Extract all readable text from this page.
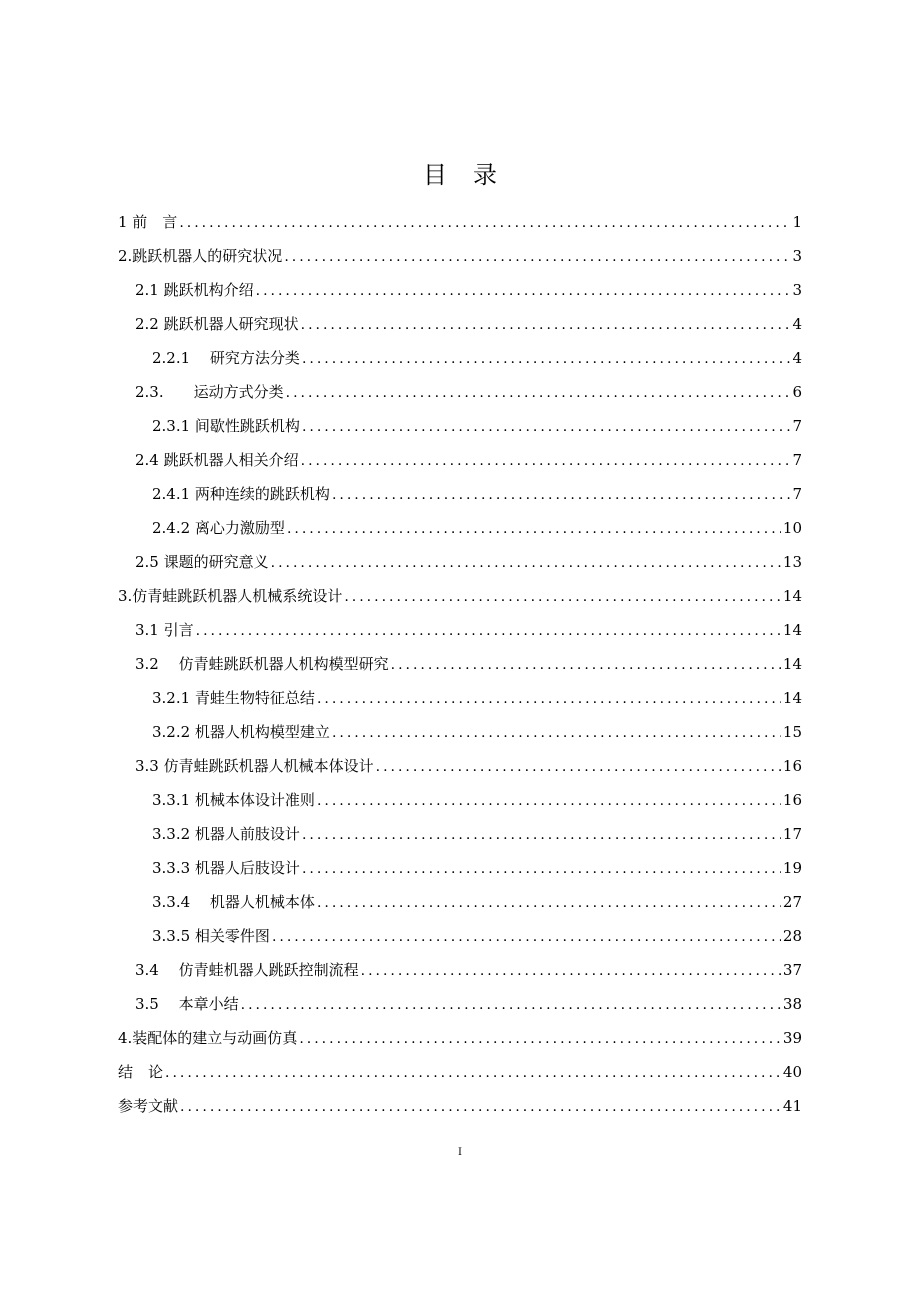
目录
1 前　言 .....	1
2.跳跃机器人的研究状况 .....	3
2.1 跳跃机构介绍 .....	3
2.2 跳跃机器人研究现状 .....	4
2.2.1　 研究方法分类 .....	4
2.3.　　运动方式分类 .....	6
2.3.1 间歇性跳跃机构 .....	7
2.4 跳跃机器人相关介绍 .....	7
2.4.1 两种连续的跳跃机构 .....	7
2.4.2 离心力激励型 .....	10
2.5 课题的研究意义 .....	13
3.仿青蛙跳跃机器人机械系统设计 .....	14
3.1 引言 .....	14
3.2　 仿青蛙跳跃机器人机构模型研究 .....	14
3.2.1 青蛙生物特征总结 .....	14
3.2.2 机器人机构模型建立 .....	15
3.3 仿青蛙跳跃机器人机械本体设计 .....	16
3.3.1 机械本体设计准则 .....	16
3.3.2 机器人前肢设计 .....	17
3.3.3 机器人后肢设计 .....	19
3.3.4　 机器人机械本体 .....	27
3.3.5 相关零件图 .....	28
3.4　 仿青蛙机器人跳跃控制流程 .....	37
3.5　 本章小结 .....	38
4.装配体的建立与动画仿真 .....	39
结　论 .....	40
参考文献 .....	41
I
